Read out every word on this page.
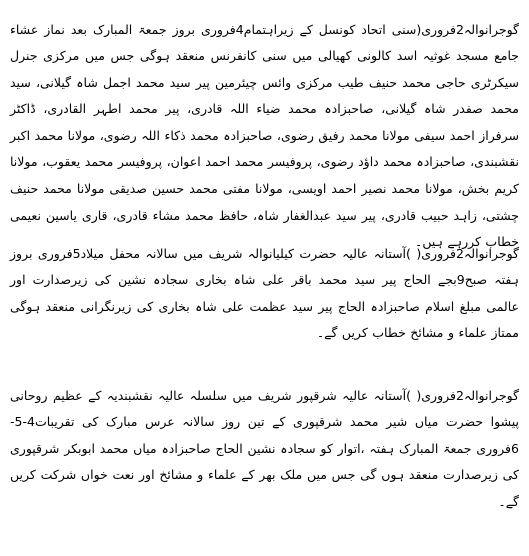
گوجرانوالہ2فروری(سنی اتحاد کونسل کے زیراہتمام4فروری بروز جمعۃ المبارک بعد نماز عشاء جامع مسجد غوثیہ اسد کالونی کھیالی میں سنی کانفرنس منعقد ہوگی جس میں مرکزی جنرل سیکرٹری حاجی محمد حنیف طیب مرکزی وائس چیئرمین پیر سید محمد اجمل شاہ گیلانی، سید محمد صفدر شاہ گیلانی، صاحبزادہ محمد ضیاء اللہ قادری، پیر محمد اطہر القادری، ڈاکٹر سرفراز احمد سیفی مولانا محمد رفیق رضوی، صاحبزادہ محمد ذکاء اللہ رضوی، مولانا محمد اکبر نقشبندی، صاحبزادہ محمد داؤد رضوی، پروفیسر محمد احمد اعوان، پروفیسر محمد یعقوب، مولانا کریم بخش، مولانا محمد نصیر احمد اویسی، مولانا مفتی محمد حسین صدیقی مولانا محمد حنیف چشتی، زاہد حبیب قادری، پیر سید عبدالغفار شاہ، حافظ محمد مشاء قادری، قاری یاسین نعیمی خطاب کررہے ہیں۔

گوجرانوالہ2فروری( )آستانہ عالیہ حضرت کیلیانوالہ شریف میں سالانہ محفل میلاد5فروری بروز ہفتہ صبح9بجے الحاج پیر سید محمد باقر علی شاہ بخاری سجادہ نشین کی زیرصدارت اور عالمی مبلغ اسلام صاحبزادہ الحاج پیر سید عظمت علی شاہ بخاری کی زیرنگرانی منعقد ہوگی ممتاز علماء و مشائخ خطاب کریں گے۔

گوجرانوالہ2فروری( )آستانہ عالیہ شرقپور شریف میں سلسلہ عالیہ نقشبندیہ کے عظیم روحانی پیشوا حضرت میاں شیر محمد شرقپوری کے تین روز سالانہ عرس مبارک کی تقریبات4-5-6فروری جمعۃ المبارک ہفتہ ،اتوار کو سجادہ نشین الحاج صاحبزادہ میاں محمد ابوبکر شرقپوری کی زیرصدارت منعقد ہوں گی جس میں ملک بھر کے علماء و مشائخ اور نعت خواں شرکت کریں گے۔
